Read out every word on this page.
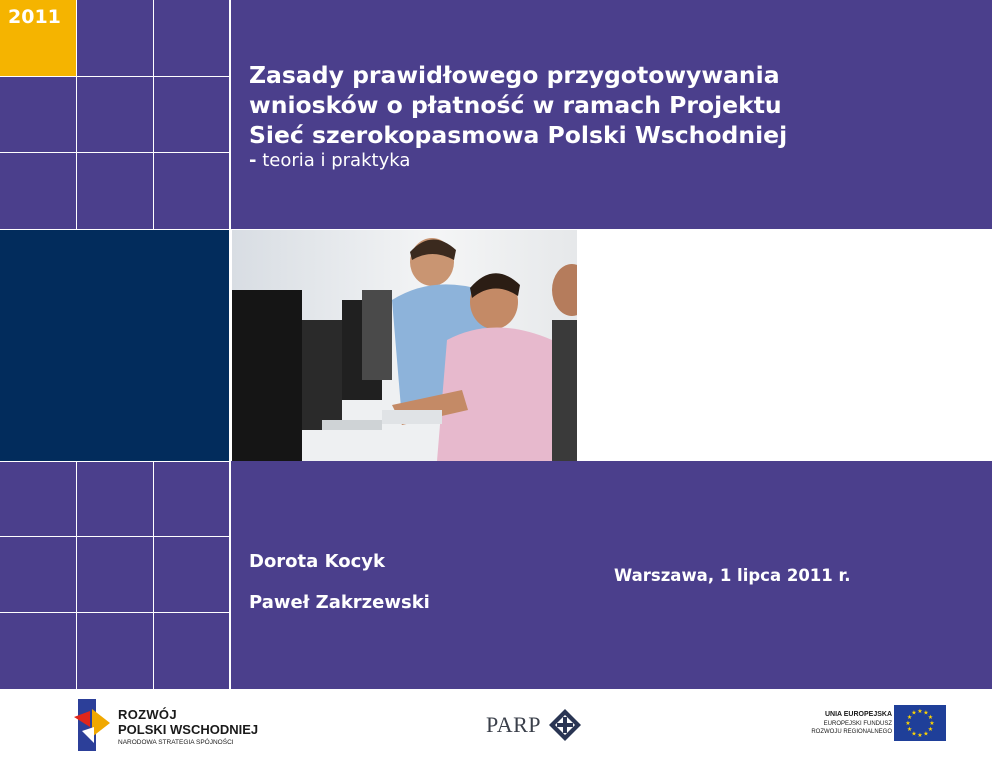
2011
Zasady prawidłowego przygotowywania
wniosków o płatność w ramach Projektu
Sieć szerokopasmowa Polski Wschodniej
- teoria i praktyka
Dorota Kocyk
Paweł Zakrzewski
Warszawa, 1 lipca 2011 r.
ROZWÓJ
POLSKI WSCHODNIEJ
NARODOWA STRATEGIA SPÓJNOŚCI
PARP	UNIA EUROPEJSKA
EUROPEJSKI FUNDUSZ
ROZWOJU REGIONALNEGO
★ ★
★
★
★
★
★
★
★
★
★
★
